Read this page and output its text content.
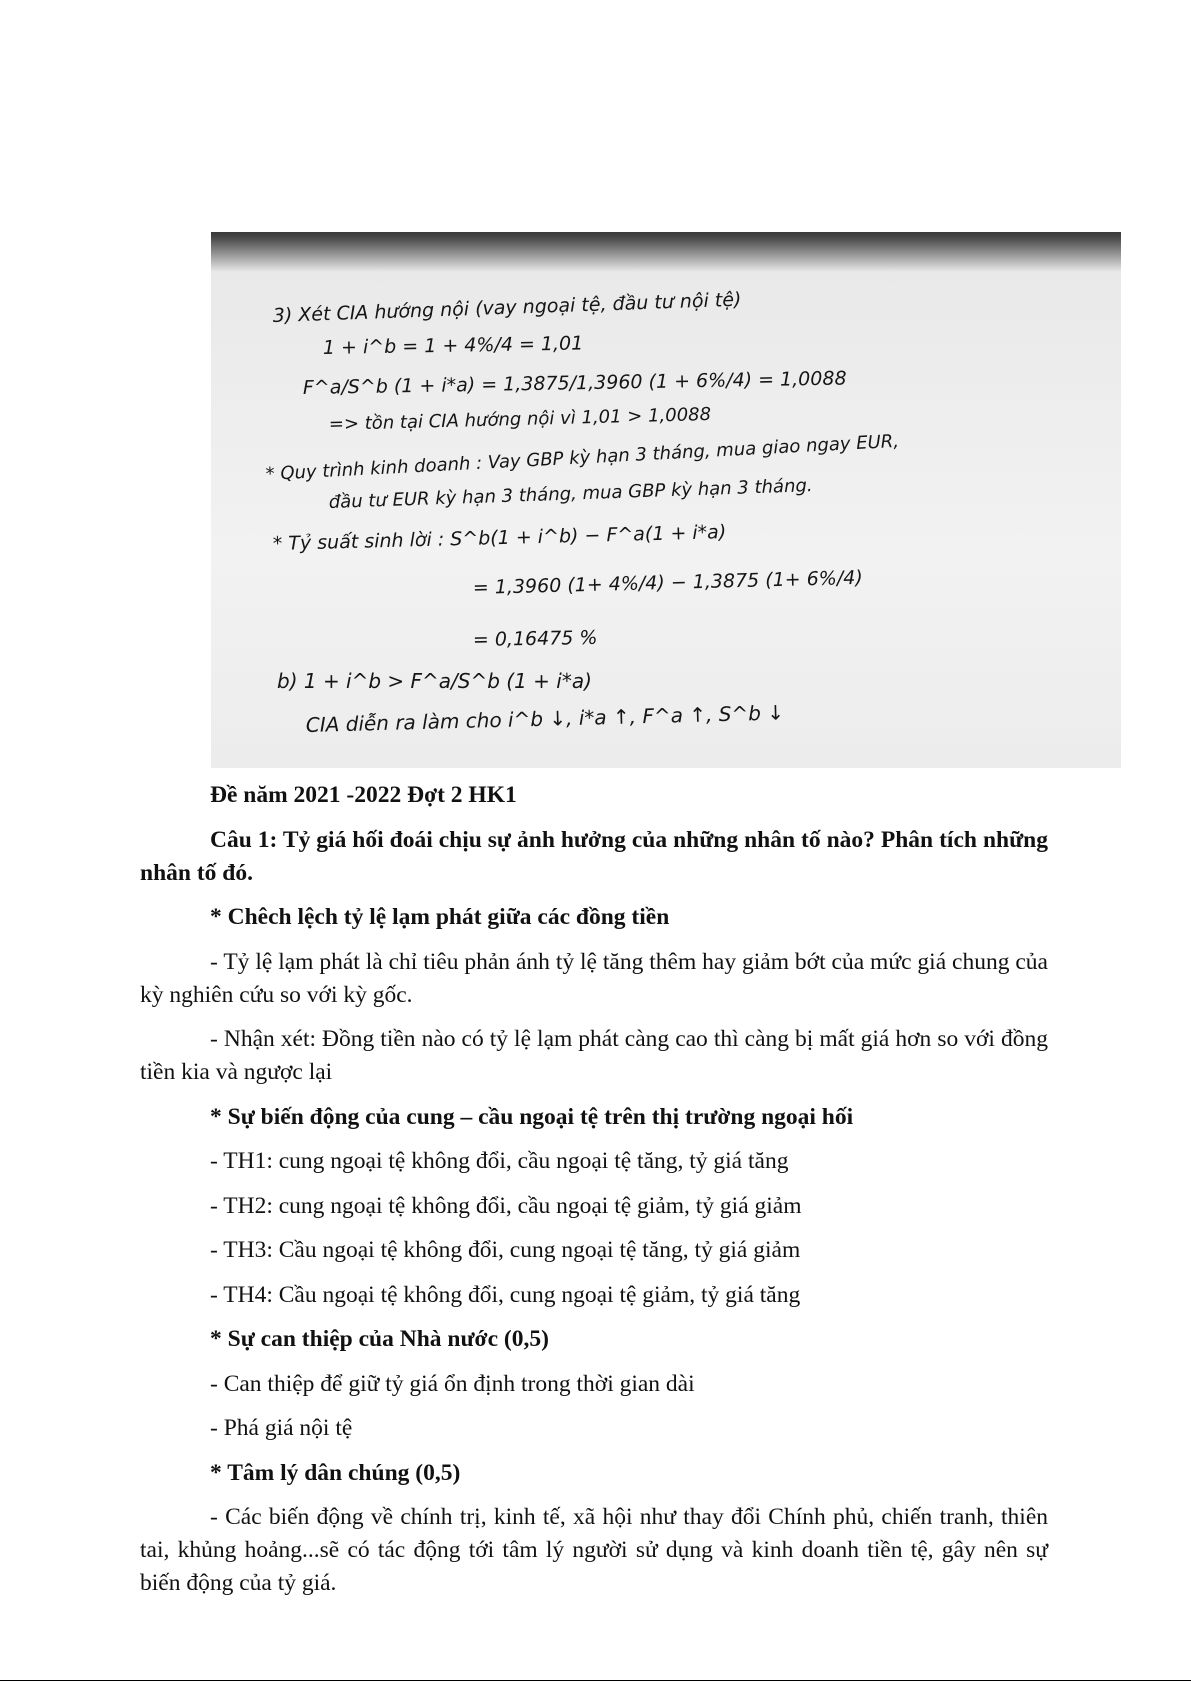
3) Xét CIA hướng nội (vay ngoại tệ, đầu tư nội tệ)
1 + i^b = 1 + 4%/4 = 1,01
F^a/S^b (1 + i*a) = 1,3875/1,3960 (1 + 6%/4) = 1,0088
=> tồn tại CIA hướng nội vì 1,01 > 1,0088
* Quy trình kinh doanh : Vay GBP kỳ hạn 3 tháng, mua giao ngay EUR,
đầu tư EUR kỳ hạn 3 tháng, mua GBP kỳ hạn 3 tháng.
* Tỷ suất sinh lời : S^b(1 + i^b) − F^a(1 + i*a)
= 1,3960 (1+ 4%/4) − 1,3875 (1+ 6%/4)
= 0,16475 %
b) 1 + i^b > F^a/S^b (1 + i*a)
CIA diễn ra làm cho i^b ↓, i*a ↑, F^a ↑, S^b ↓

Đề năm 2021 -2022 Đợt 2 HK1

Câu 1: Tỷ giá hối đoái chịu sự ảnh hưởng của những nhân tố nào? Phân tích những nhân tố đó.

* Chêch lệch tỷ lệ lạm phát giữa các đồng tiền

- Tỷ lệ lạm phát là chỉ tiêu phản ánh tỷ lệ tăng thêm hay giảm bớt của mức giá chung của kỳ nghiên cứu so với kỳ gốc.

- Nhận xét: Đồng tiền nào có tỷ lệ lạm phát càng cao thì càng bị mất giá hơn so với đồng tiền kia và ngược lại

* Sự biến động của cung – cầu ngoại tệ trên thị trường ngoại hối

- TH1: cung ngoại tệ không đổi, cầu ngoại tệ tăng, tỷ giá tăng

- TH2: cung ngoại tệ không đổi, cầu ngoại tệ giảm, tỷ giá giảm

- TH3: Cầu ngoại tệ không đổi, cung ngoại tệ tăng, tỷ giá giảm

- TH4: Cầu ngoại tệ không đổi, cung ngoại tệ giảm, tỷ giá tăng

* Sự can thiệp của Nhà nước (0,5)

- Can thiệp để giữ tỷ giá ổn định trong thời gian dài

- Phá giá nội tệ

* Tâm lý dân chúng (0,5)

- Các biến động về chính trị, kinh tế, xã hội như thay đổi Chính phủ, chiến tranh, thiên tai, khủng hoảng...sẽ có tác động tới tâm lý người sử dụng và kinh doanh tiền tệ, gây nên sự biến động của tỷ giá.
